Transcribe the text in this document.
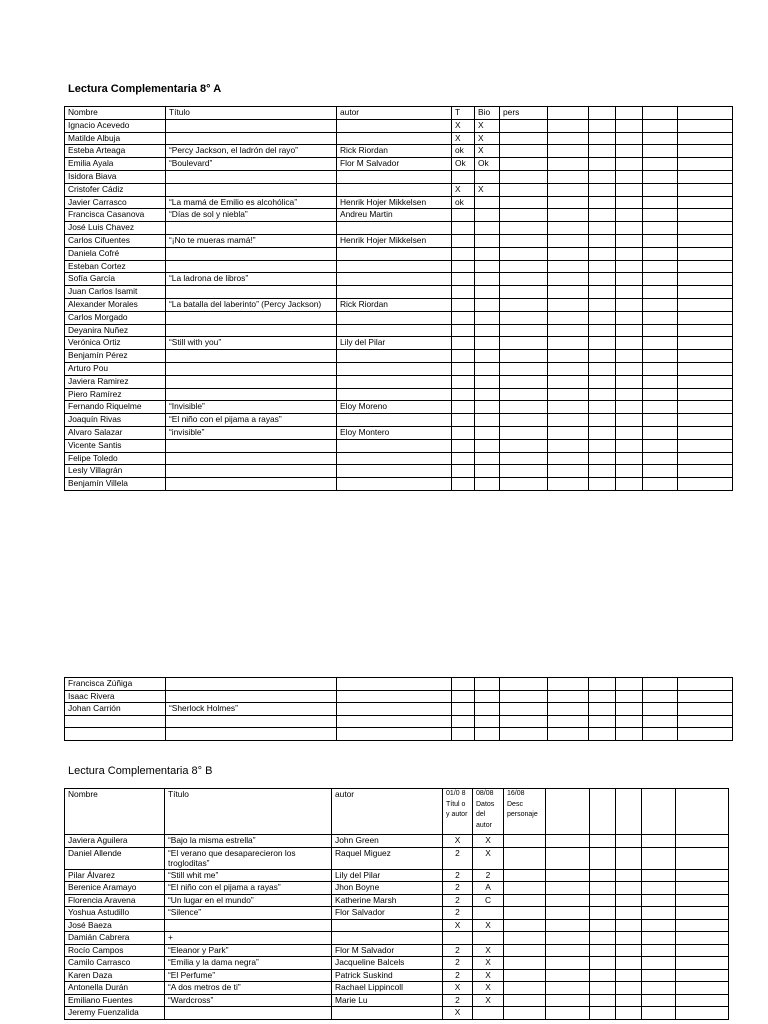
Lectura Complementaria 8° A
Nombre	Título	autor	T	Bio	pers					
Ignacio Acevedo			X	X						
Matilde Albuja			X	X						
Esteba Arteaga	“Percy Jackson, el ladrón del rayo”	Rick Riordan	ok	X						
Emilia Ayala	“Boulevard”	Flor M Salvador	Ok	Ok						
Isidora Biava										
Cristofer Cádiz			X	X						
Javier Carrasco	“La mamá de Emilio es alcohólica”	Henrik Hojer Mikkelsen	ok							
Francisca Casanova	“Días de sol y niebla”	Andreu Martin								
José Luis Chavez										
Carlos Cifuentes	“¡No te mueras mamá!”	Henrik Hojer Mikkelsen								
Daniela Cofré										
Esteban Cortez										
Sofía García	“La ladrona de libros”									
Juan Carlos Isamit										
Alexander Morales	“La batalla del laberinto” (Percy Jackson)	Rick Riordan								
Carlos Morgado										
Deyanira Nuñez										
Verónica Ortiz	“Still with you”	Lily del Pilar								
Benjamín Pérez										
Arturo Pou										
Javiera Ramirez										
Piero Ramírez										
Fernando Riquelme	“Invisible”	Eloy Moreno								
Joaquín Rivas	“El niño con el pijama a rayas”									
Alvaro Salazar	“invisible”	Eloy Montero								
Vicente Santis										
Felipe Toledo										
Lesly Villagrán										
Benjamín Villela										
Francisca Zúñiga										
Isaac Rivera										
Johan Carrión	“Sherlock Holmes”									

Lectura Complementaria 8° B
Nombre	Título	autor	01/0 8 Títul o y autor	08/08 Datos del autor	16/08 Desc personaje					
Javiera Aguilera	“Bajo la misma estrella”	John Green	X	X						
Daniel Allende	“El verano que desaparecieron los trogloditas”	Raquel Miguez	2	X						
Pilar Álvarez	“Still whit me”	Lily del Pilar	2	2						
Berenice Aramayo	“El niño con el pijama a rayas”	Jhon Boyne	2	A						
Florencia Aravena	“Un lugar en el mundo”	Katherine Marsh	2	C						
Yoshua Astudillo	“Silence”	Flor Salvador	2							
José Baeza			X	X						
Damián Cabrera	+									
Rocío Campos	“Eleanor y Park”	Flor M Salvador	2	X						
Camilo Carrasco	“Emilia y la dama negra”	Jacqueline Balcels	2	X						
Karen Daza	“El Perfume”	Patrick Suskind	2	X						
Antonella Durán	“A dos metros de ti”	Rachael Lippincoll	X	X						
Emiliano Fuentes	“Wardcross”	Marie Lu	2	X						
Jeremy Fuenzalida			X							
